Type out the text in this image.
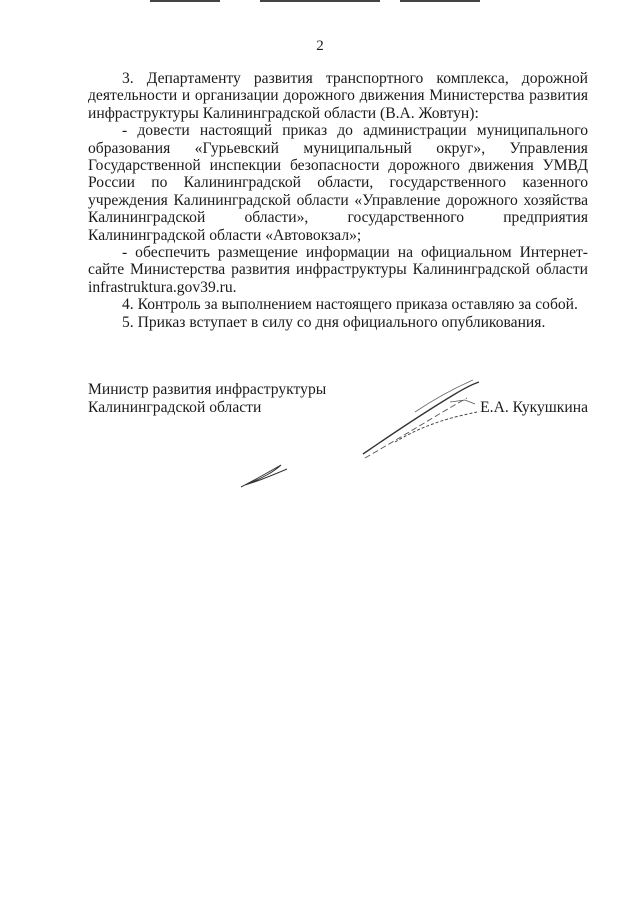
2

3. Департаменту развития транспортного комплекса, дорожной деятельности и организации дорожного движения Министерства развития инфраструктуры Калининградской области (В.А. Жовтун):

- довести настоящий приказ до администрации муниципального образования «Гурьевский муниципальный округ», Управления Государственной инспекции безопасности дорожного движения УМВД России по Калининградской области, государственного казенного учреждения Калининградской области «Управление дорожного хозяйства Калининградской области», государственного предприятия Калининградской области «Автовокзал»;

- обеспечить размещение информации на официальном Интернет-сайте Министерства развития инфраструктуры Калининградской области infrastruktura.gov39.ru.

4. Контроль за выполнением настоящего приказа оставляю за собой.

5. Приказ вступает в силу со дня официального опубликования.

Министр развития инфраструктуры
Калининградской области	Е.А. Кукушкина
